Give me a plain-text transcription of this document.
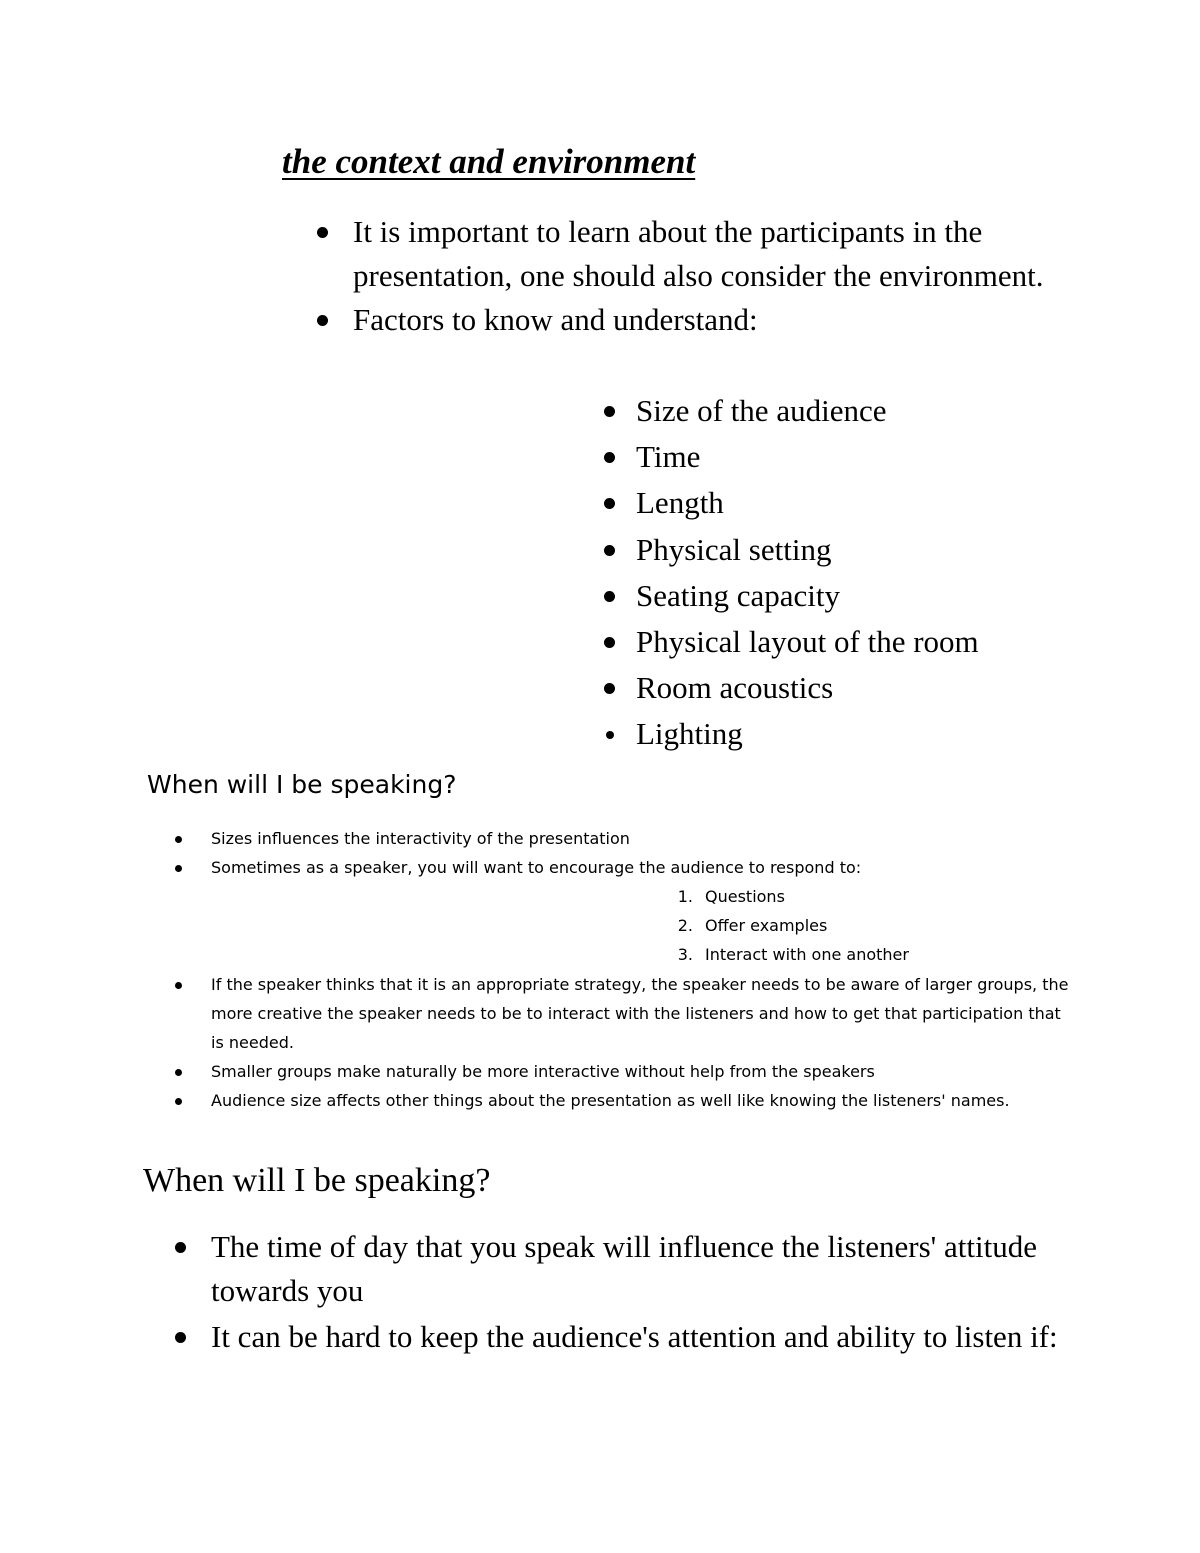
the context and environment
It is important to learn about the participants in the presentation, one should also consider the environment.
Factors to know and understand:
Size of the audience
Time
Length
Physical setting
Seating capacity
Physical layout of the room
Room acoustics
Lighting
When will I be speaking?
Sizes influences the interactivity of the presentation
Sometimes as a speaker, you will want to encourage the audience to respond to:
1. Questions
2. Offer examples
3. Interact with one another
If the speaker thinks that it is an appropriate strategy, the speaker needs to be aware of larger groups, the more creative the speaker needs to be to interact with the listeners and how to get that participation that is needed.
Smaller groups make naturally be more interactive without help from the speakers
Audience size affects other things about the presentation as well like knowing the listeners' names.
When will I be speaking?
The time of day that you speak will influence the listeners' attitude towards you
It can be hard to keep the audience's attention and ability to listen if:
